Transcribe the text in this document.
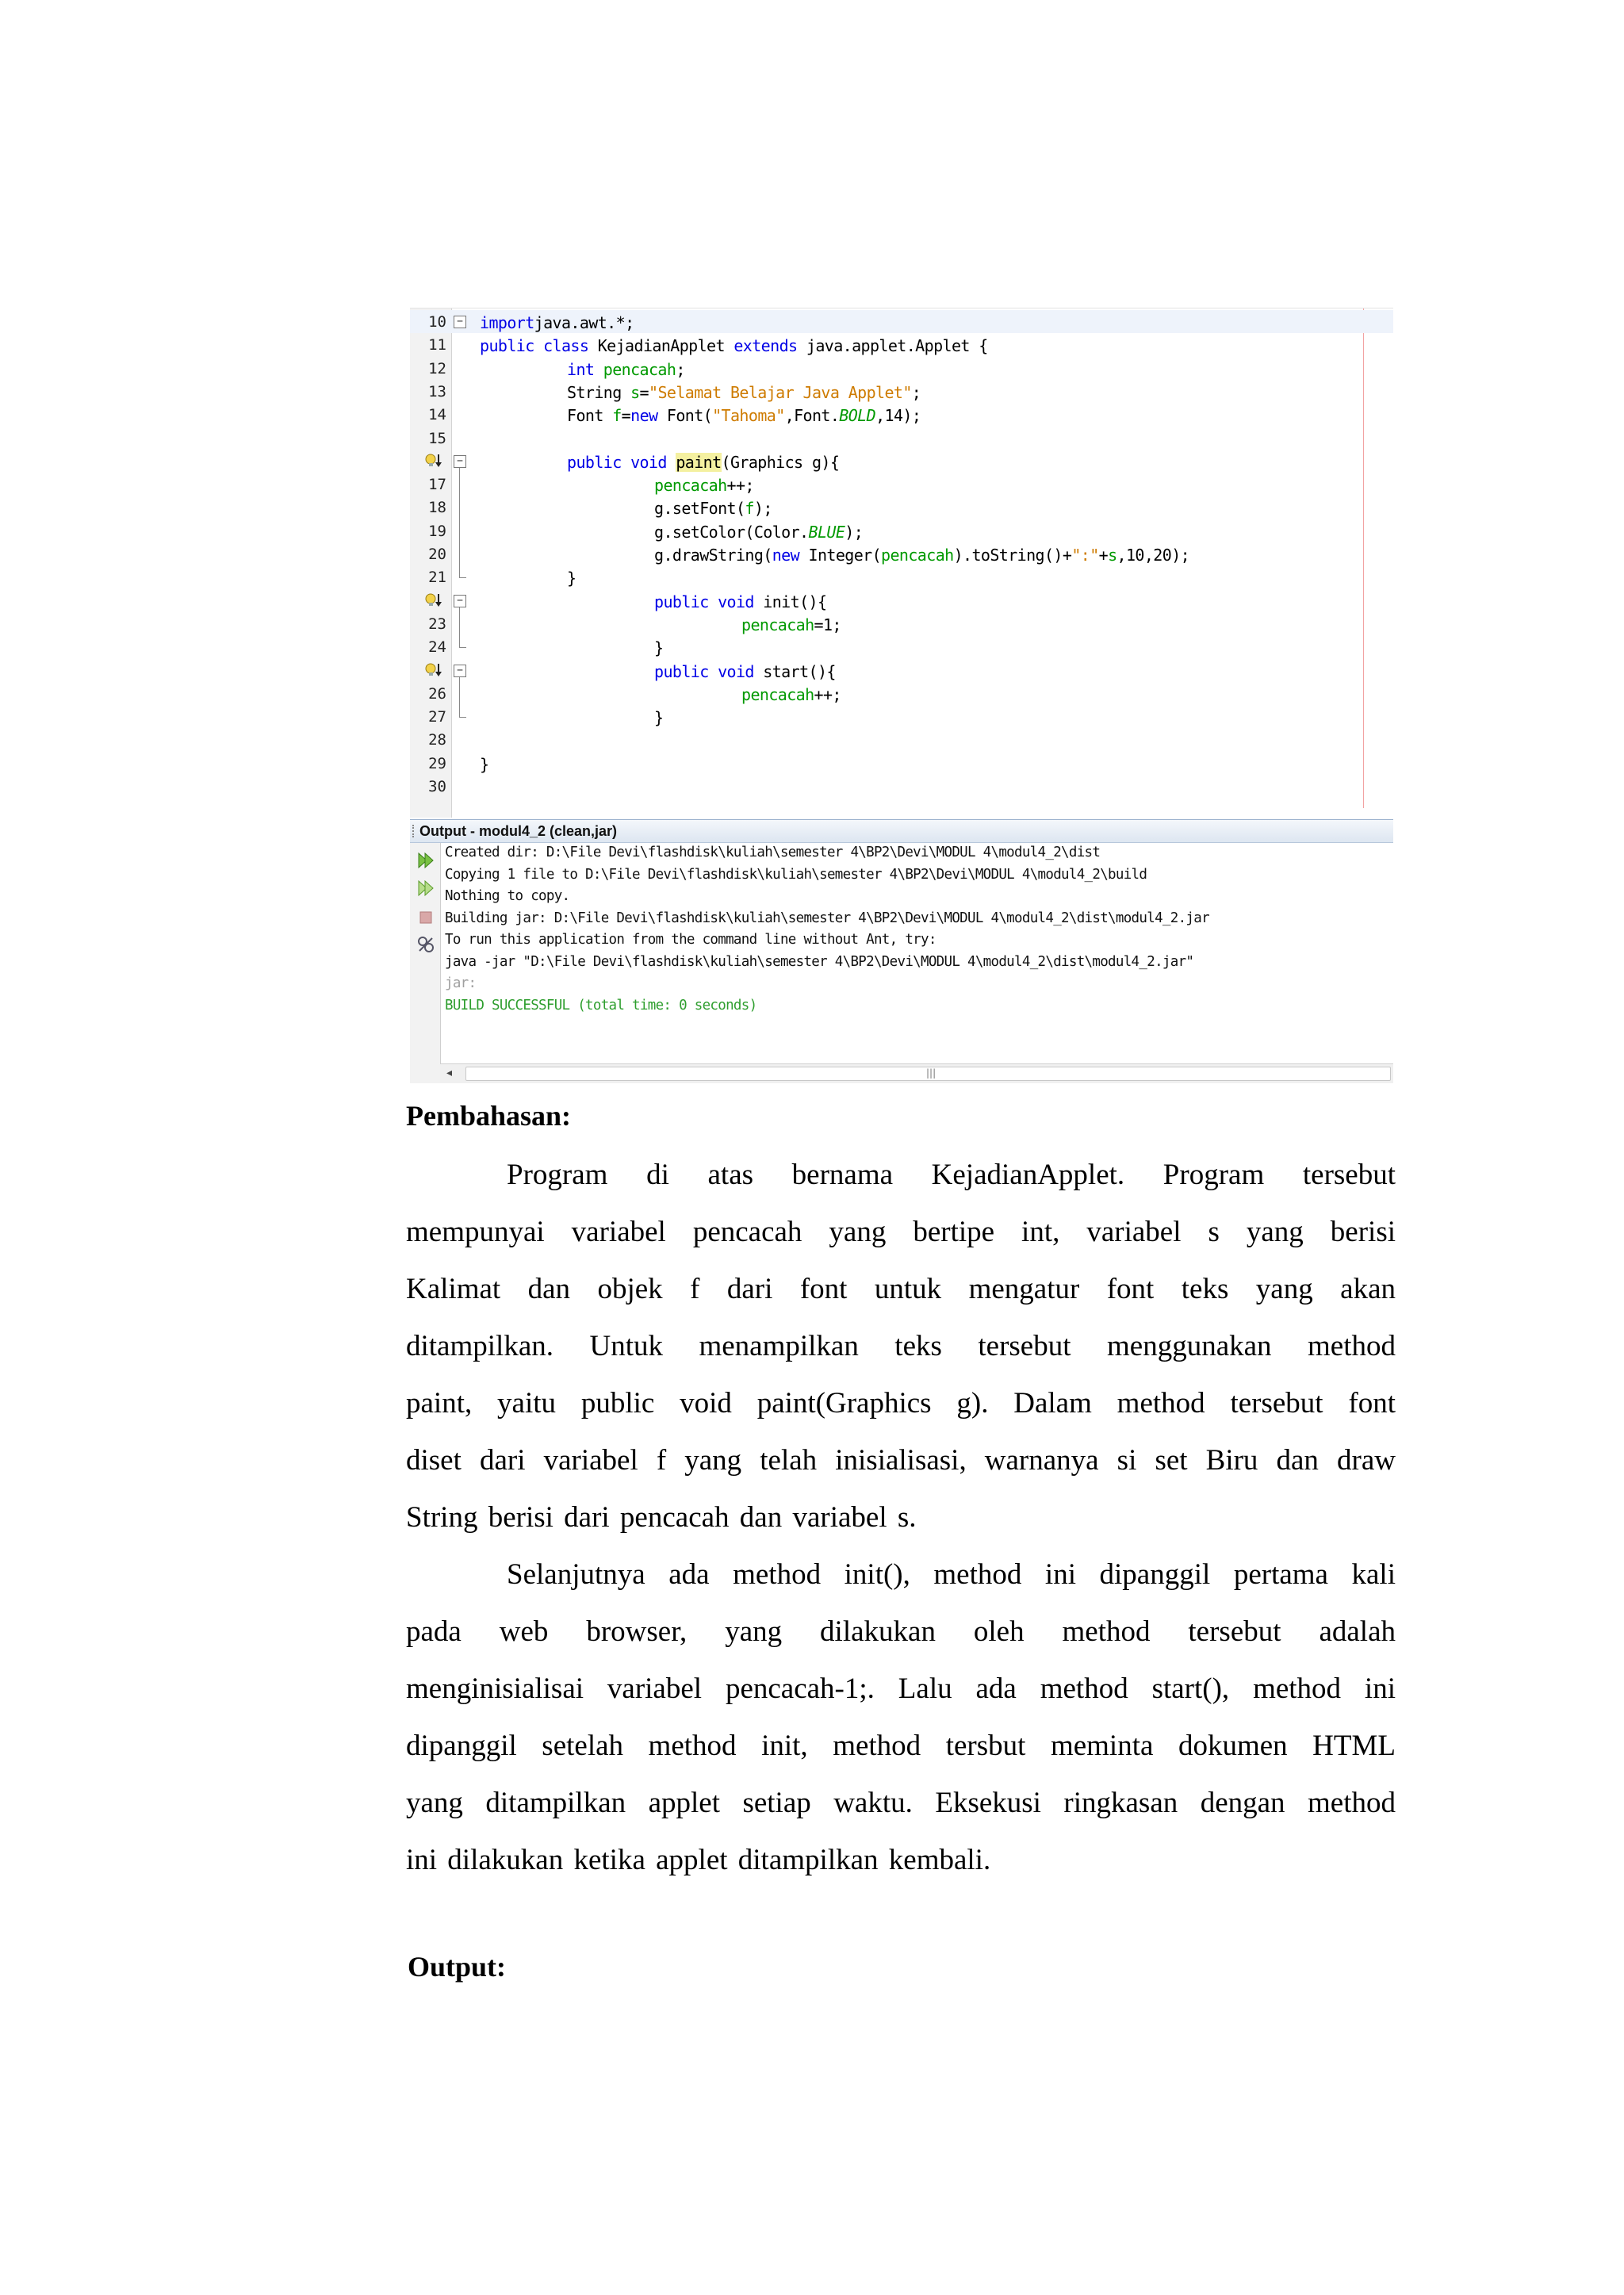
10	− importjava.awt.*;
11 public class KejadianApplet extends java.applet.Applet {
12	int pencacah;
13	String s="Selamat Belajar Java Applet";
14	Font f=new Font("Tahoma",Font.BOLD,14);
15
−	public void paint(Graphics g){
17	pencacah++;
18	g.setFont(f);
19	g.setColor(Color.BLUE);
20	g.drawString(new Integer(pencacah).toString()+":"+s,10,20);
21	}
−	public void init(){
23	pencacah=1;
24	}
−	public void start(){
26	pencacah++;
27	}
28
29 }
30
Output - modul4_2 (clean,jar)
Created dir: D:\File Devi\flashdisk\kuliah\semester 4\BP2\Devi\MODUL 4\modul4_2\dist
Copying 1 file to D:\File Devi\flashdisk\kuliah\semester 4\BP2\Devi\MODUL 4\modul4_2\build
Nothing to copy.
Building jar: D:\File Devi\flashdisk\kuliah\semester 4\BP2\Devi\MODUL 4\modul4_2\dist\modul4_2.jar
To run this application from the command line without Ant, try:
java -jar "D:\File Devi\flashdisk\kuliah\semester 4\BP2\Devi\MODUL 4\modul4_2\dist\modul4_2.jar"
jar:
BUILD SUCCESSFUL (total time: 0 seconds)
◂	|||
Pembahasan:
Program di atas bernama KejadianApplet. Program tersebut
mempunyai variabel pencacah yang bertipe int, variabel s yang berisi
Kalimat dan objek f dari font untuk mengatur font teks yang akan
ditampilkan. Untuk menampilkan teks tersebut menggunakan method
paint, yaitu public void paint(Graphics g). Dalam method tersebut font
diset dari variabel f yang telah inisialisasi, warnanya si set Biru dan draw
String berisi dari pencacah dan variabel s.
Selanjutnya ada method init(), method ini dipanggil pertama kali
pada web browser, yang dilakukan oleh method tersebut adalah
menginisialisai variabel pencacah-1;. Lalu ada method start(), method ini
dipanggil setelah method init, method tersbut meminta dokumen HTML
yang ditampilkan applet setiap waktu. Eksekusi ringkasan dengan method
ini dilakukan ketika applet ditampilkan kembali.
Output:
